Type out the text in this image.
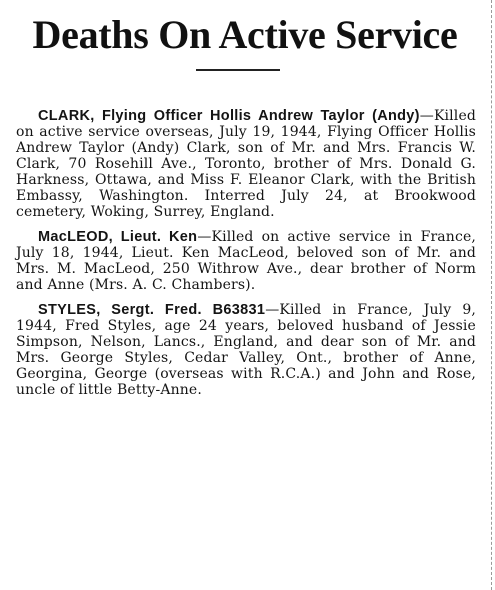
Deaths On Active Service

CLARK, Flying Officer Hollis Andrew Taylor (Andy)—Killed on active service overseas, July 19, 1944, Flying Officer Hollis Andrew Taylor (Andy) Clark, son of Mr. and Mrs. Francis W. Clark, 70 Rosehill Ave., Toronto, brother of Mrs. Donald G. Harkness, Ottawa, and Miss F. Eleanor Clark, with the British Embassy, Washington. Interred July 24, at Brookwood cemetery, Woking, Surrey, England.

MacLEOD, Lieut. Ken—Killed on active service in France, July 18, 1944, Lieut. Ken MacLeod, beloved son of Mr. and Mrs. M. MacLeod, 250 Withrow Ave., dear brother of Norm and Anne (Mrs. A. C. Chambers).

STYLES, Sergt. Fred. B63831—Killed in France, July 9, 1944, Fred Styles, age 24 years, beloved husband of Jessie Simpson, Nelson, Lancs., England, and dear son of Mr. and Mrs. George Styles, Cedar Valley, Ont., brother of Anne, Georgina, George (overseas with R.C.A.) and John and Rose, uncle of little Betty-Anne.
